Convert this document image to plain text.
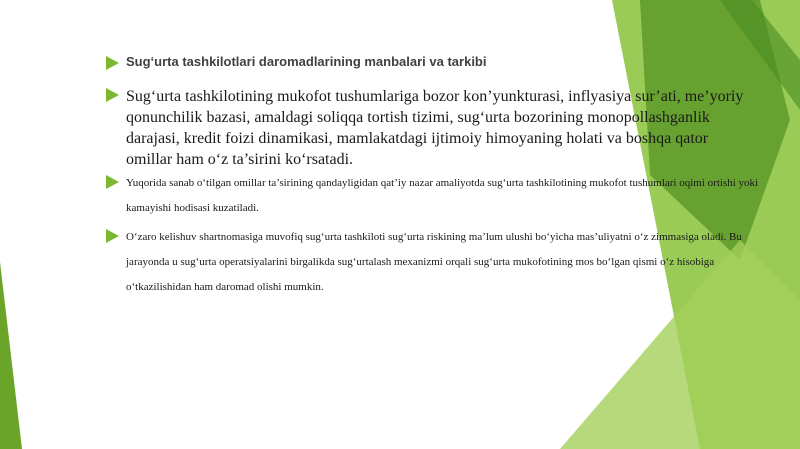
Sug‘urta tashkilotlari daromadlarining manbalari va tarkibi
Sug‘urta tashkilotining mukofot tushumlariga bozor kon’yunkturasi, inflyasiya sur’ati, me’yoriy qonunchilik bazasi, amaldagi soliqqa tortish tizimi, sug‘urta bozorining monopollashganlik darajasi, kredit foizi dinamikasi, mamlakatdagi ijtimoiy himoyaning holati va boshqa qator omillar ham o‘z ta’sirini ko‘rsatadi.
Yuqorida sanab o‘tilgan omillar ta’sirining qandayligidan qat’iy nazar amaliyotda sug‘urta tashkilotining mukofot tushumlari oqimi ortishi yoki kamayishi hodisasi kuzatiladi.
O‘zaro kelishuv shartnomasiga muvofiq sug‘urta tashkiloti sug‘urta riskining ma’lum ulushi bo‘yicha mas’uliyatni o‘z zimmasiga oladi. Bu jarayonda u sug‘urta operatsiyalarini birgalikda sug‘urtalash mexanizmi orqali sug‘urta mukofotining mos bo‘lgan qismi o‘z hisobiga o‘tkazilishidan ham daromad olishi mumkin.
